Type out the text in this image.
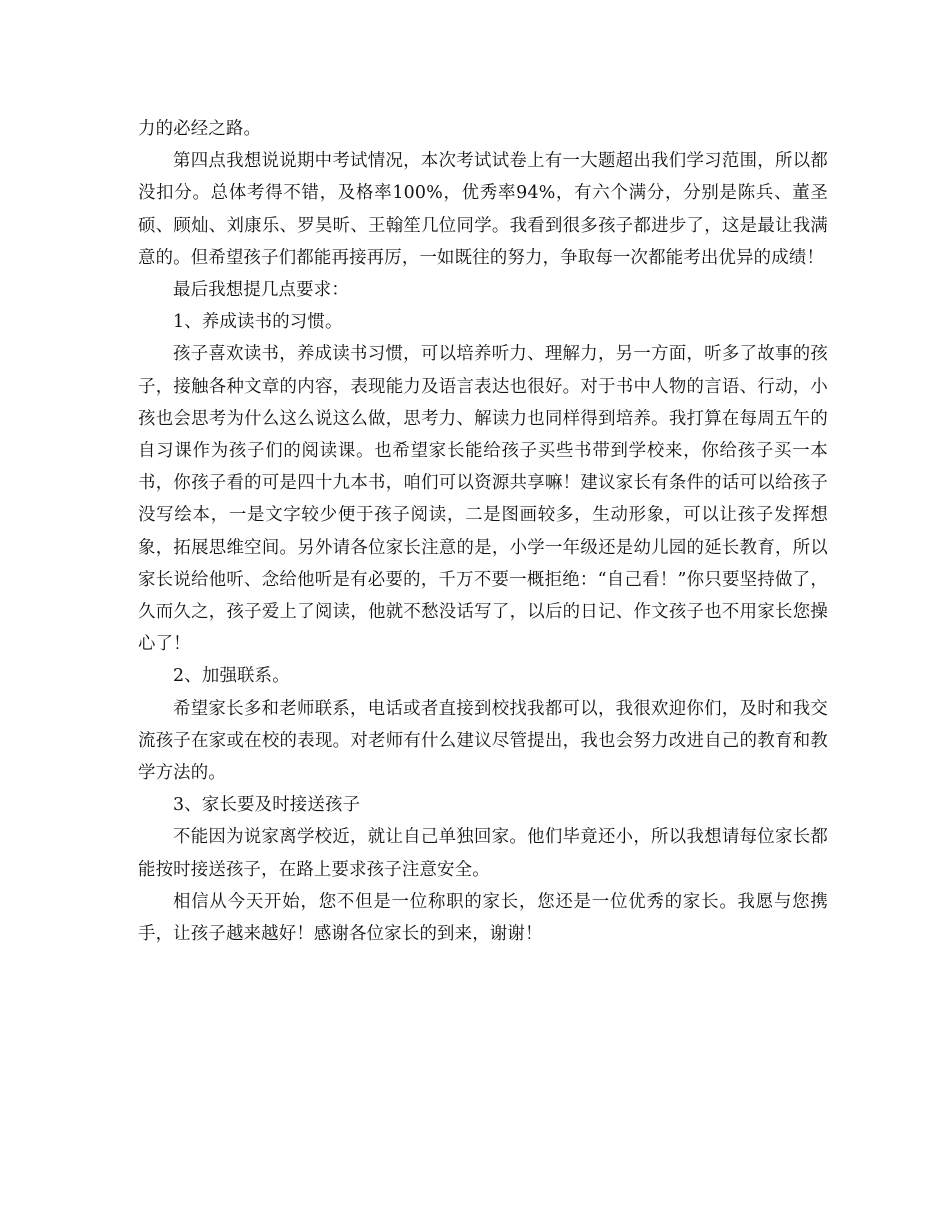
力的必经之路。

第四点我想说说期中考试情况，本次考试试卷上有一大题超出我们学习范围，所以都没扣分。总体考得不错，及格率100%，优秀率94%，有六个满分，分别是陈兵、董圣硕、顾灿、刘康乐、罗昊昕、王翰笙几位同学。我看到很多孩子都进步了，这是最让我满意的。但希望孩子们都能再接再厉，一如既往的努力，争取每一次都能考出优异的成绩！

最后我想提几点要求：

1、养成读书的习惯。

孩子喜欢读书，养成读书习惯，可以培养听力、理解力，另一方面，听多了故事的孩子，接触各种文章的内容，表现能力及语言表达也很好。对于书中人物的言语、行动，小孩也会思考为什么这么说这么做，思考力、解读力也同样得到培养。我打算在每周五午的自习课作为孩子们的阅读课。也希望家长能给孩子买些书带到学校来，你给孩子买一本书，你孩子看的可是四十九本书，咱们可以资源共享嘛！建议家长有条件的话可以给孩子没写绘本，一是文字较少便于孩子阅读，二是图画较多，生动形象，可以让孩子发挥想象，拓展思维空间。另外请各位家长注意的是，小学一年级还是幼儿园的延长教育，所以家长说给他听、念给他听是有必要的，千万不要一概拒绝：“自己看！”你只要坚持做了，久而久之，孩子爱上了阅读，他就不愁没话写了，以后的日记、作文孩子也不用家长您操心了！

2、加强联系。

希望家长多和老师联系，电话或者直接到校找我都可以，我很欢迎你们，及时和我交流孩子在家或在校的表现。对老师有什么建议尽管提出，我也会努力改进自己的教育和教学方法的。

3、家长要及时接送孩子

不能因为说家离学校近，就让自己单独回家。他们毕竟还小，所以我想请每位家长都能按时接送孩子，在路上要求孩子注意安全。

相信从今天开始，您不但是一位称职的家长，您还是一位优秀的家长。我愿与您携手，让孩子越来越好！感谢各位家长的到来，谢谢！
